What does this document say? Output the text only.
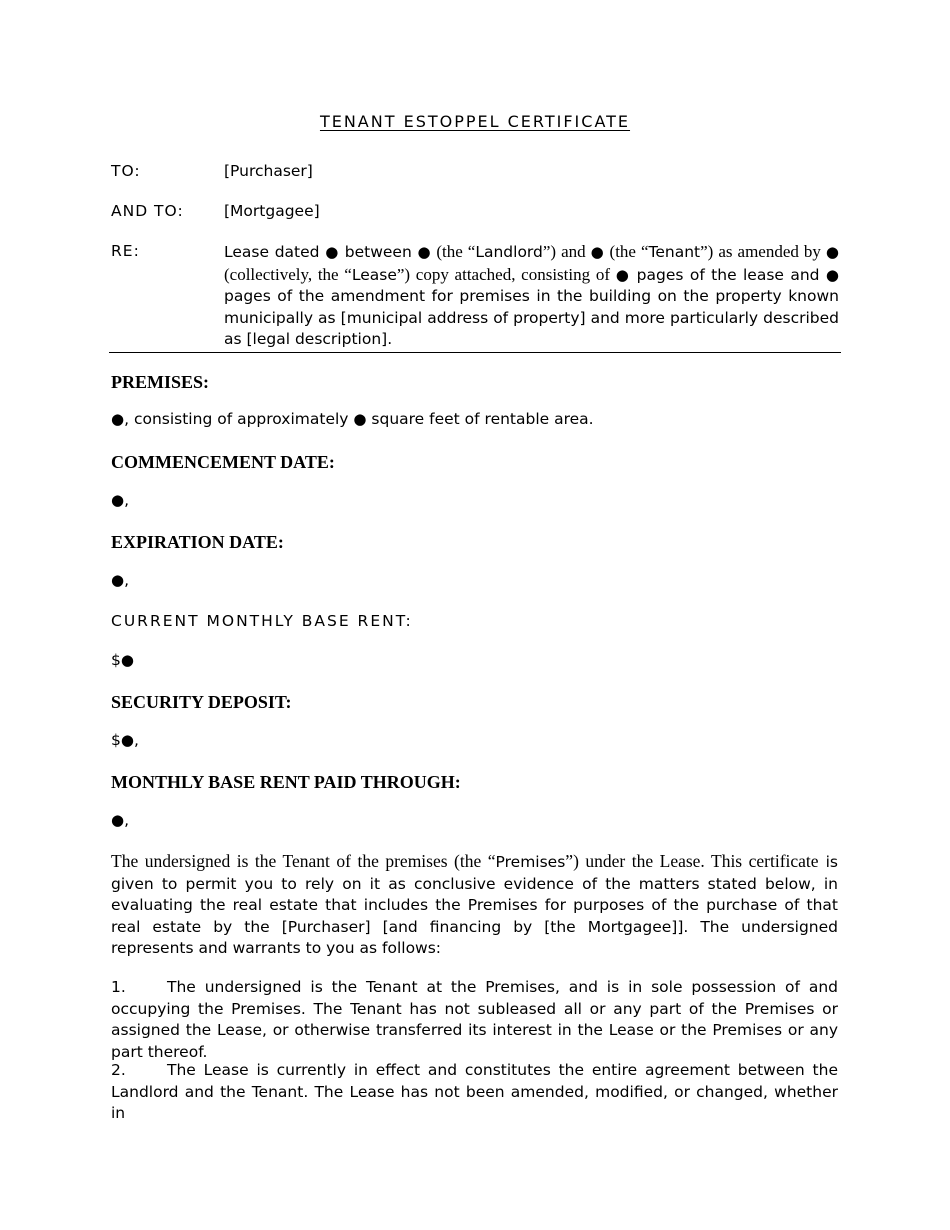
TENANT ESTOPPEL CERTIFICATE
TO:	[Purchaser]
AND TO:	[Mortgagee]
RE:	Lease dated ● between ● (the “Landlord”) and ● (the “Tenant”) as amended by ● (collectively, the “Lease”) copy attached, consisting of ● pages of the lease and ● pages of the amendment for premises in the building on the property known municipally as [municipal address of property] and more particularly described as [legal description].
PREMISES:
●, consisting of approximately ● square feet of rentable area.
COMMENCEMENT DATE:
●,
EXPIRATION DATE:
●,
CURRENT MONTHLY BASE RENT:
$●
SECURITY DEPOSIT:
$●,
MONTHLY BASE RENT PAID THROUGH:
●,
The undersigned is the Tenant of the premises (the “Premises”) under the Lease. This certificate is given to permit you to rely on it as conclusive evidence of the matters stated below, in evaluating the real estate that includes the Premises for purposes of the purchase of that real estate by the [Purchaser] [and financing by [the Mortgagee]]. The undersigned represents and warrants to you as follows:
1.	The undersigned is the Tenant at the Premises, and is in sole possession of and occupying the Premises. The Tenant has not subleased all or any part of the Premises or assigned the Lease, or otherwise transferred its interest in the Lease or the Premises or any part thereof.
2.	The Lease is currently in effect and constitutes the entire agreement between the Landlord and the Tenant. The Lease has not been amended, modified, or changed, whether in
